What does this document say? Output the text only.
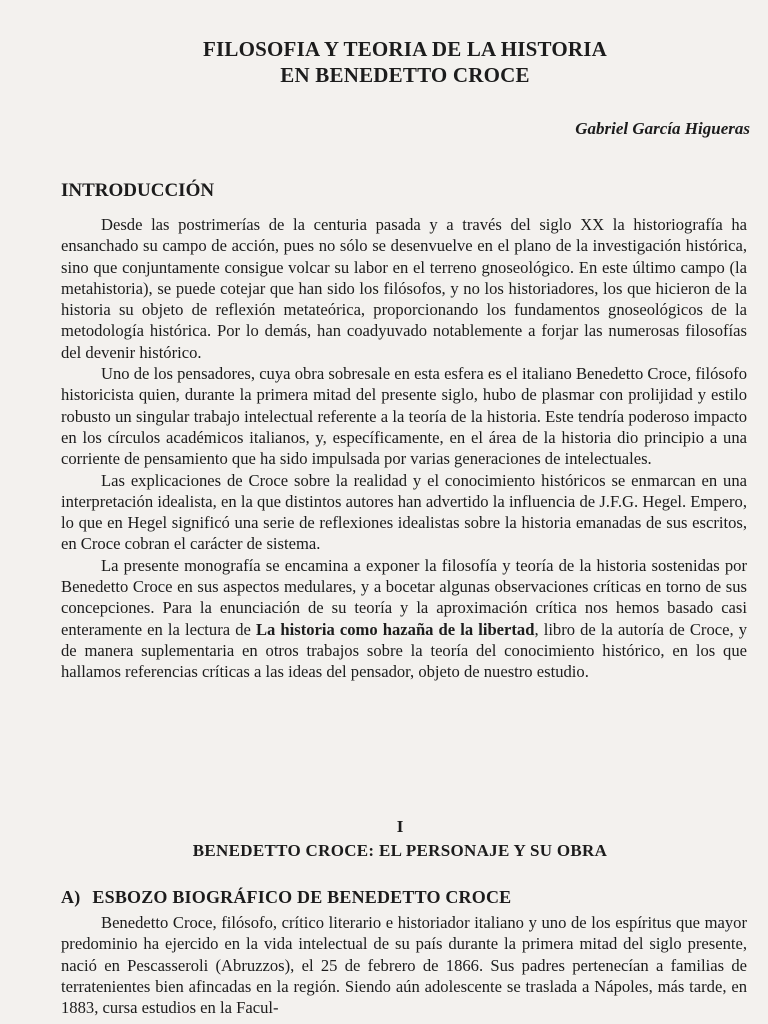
FILOSOFIA Y TEORIA DE LA HISTORIA
EN BENEDETTO CROCE
Gabriel García Higueras
INTRODUCCIÓN

Desde las postrimerías de la centuria pasada y a través del siglo XX la historiografía ha ensanchado su campo de acción, pues no sólo se desenvuelve en el plano de la investigación histórica, sino que conjuntamente consigue volcar su labor en el terreno gnoseológico. En este último campo (la metahistoria), se puede cotejar que han sido los filósofos, y no los historiadores, los que hicieron de la historia su objeto de reflexión metateórica, proporcionando los fundamentos gnoseológicos de la metodología histórica. Por lo demás, han coadyuvado notablemente a forjar las numerosas filosofías del devenir histórico.

Uno de los pensadores, cuya obra sobresale en esta esfera es el italiano Benedetto Croce, filósofo historicista quien, durante la primera mitad del presente siglo, hubo de plasmar con prolijidad y estilo robusto un singular trabajo intelectual referente a la teoría de la historia. Este tendría poderoso impacto en los círculos académicos italianos, y, específicamente, en el área de la historia dio principio a una corriente de pensamiento que ha sido impulsada por varias generaciones de intelectuales.

Las explicaciones de Croce sobre la realidad y el conocimiento históricos se enmarcan en una interpretación idealista, en la que distintos autores han advertido la influencia de J.F.G. Hegel. Empero, lo que en Hegel significó una serie de reflexiones idealistas sobre la historia emanadas de sus escritos, en Croce cobran el carácter de sistema.

La presente monografía se encamina a exponer la filosofía y teoría de la historia sostenidas por Benedetto Croce en sus aspectos medulares, y a bocetar algunas observaciones críticas en torno de sus concepciones. Para la enunciación de su teoría y la aproximación crítica nos hemos basado casi enteramente en la lectura de La historia como hazaña de la libertad, libro de la autoría de Croce, y de manera suplementaria en otros trabajos sobre la teoría del conocimiento histórico, en los que hallamos referencias críticas a las ideas del pensador, objeto de nuestro estudio.

I
BENEDETTO CROCE: EL PERSONAJE Y SU OBRA
A) ESBOZO BIOGRÁFICO DE BENEDETTO CROCE

Benedetto Croce, filósofo, crítico literario e historiador italiano y uno de los espíritus que mayor predominio ha ejercido en la vida intelectual de su país durante la primera mitad del siglo presente, nació en Pescasseroli (Abruzzos), el 25 de febrero de 1866. Sus padres pertenecían a familias de terratenientes bien afincadas en la región. Siendo aún adolescente se traslada a Nápoles, más tarde, en 1883, cursa estudios en la Facul-
